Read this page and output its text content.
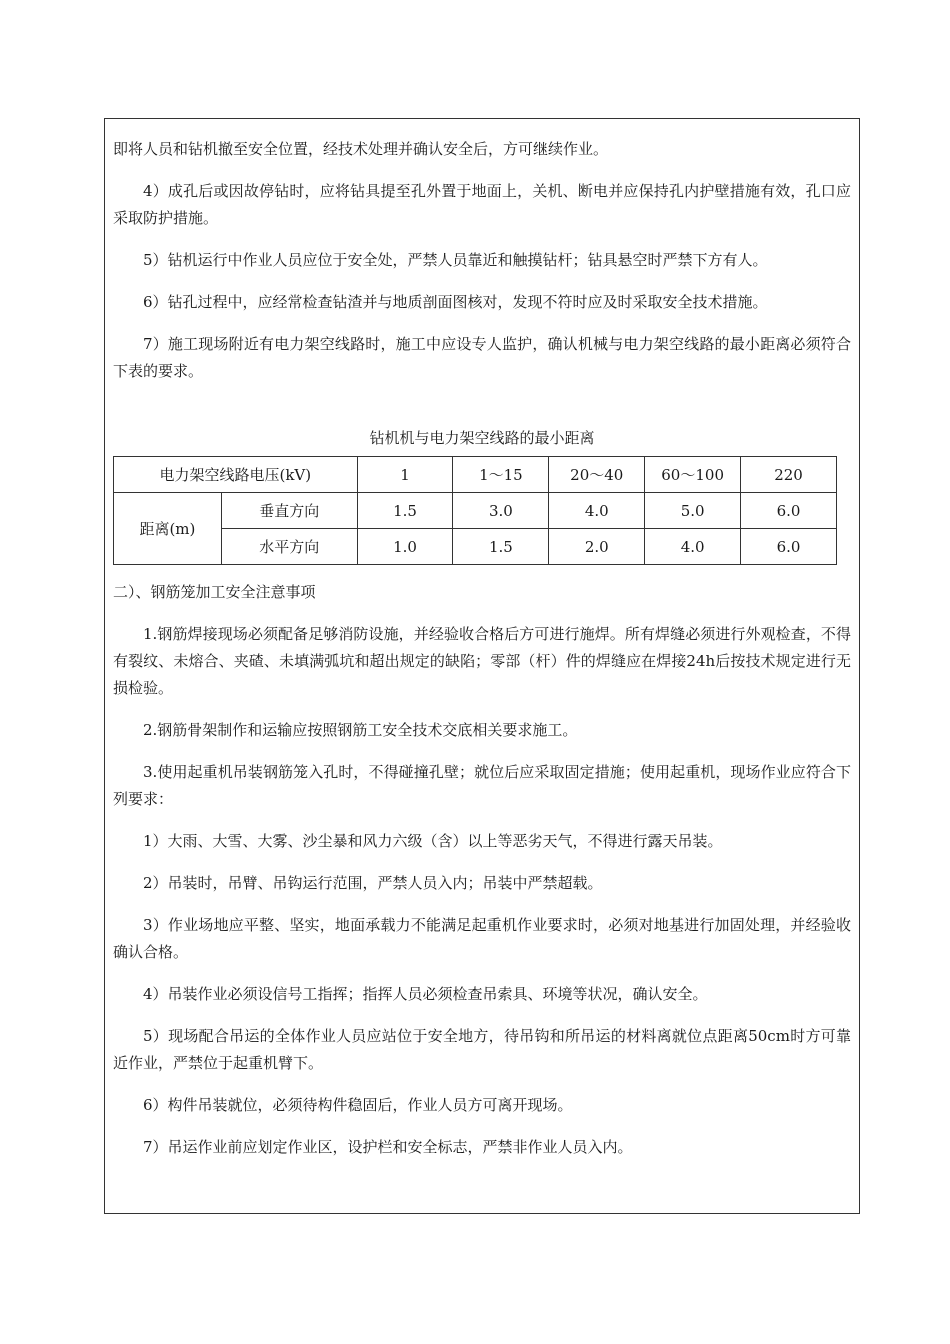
即将人员和钻机撤至安全位置，经技术处理并确认安全后，方可继续作业。

4）成孔后或因故停钻时，应将钻具提至孔外置于地面上，关机、断电并应保持孔内护壁措施有效，孔口应采取防护措施。

5）钻机运行中作业人员应位于安全处，严禁人员靠近和触摸钻杆；钻具悬空时严禁下方有人。

6）钻孔过程中，应经常检查钻渣并与地质剖面图核对，发现不符时应及时采取安全技术措施。

7）施工现场附近有电力架空线路时，施工中应设专人监护，确认机械与电力架空线路的最小距离必须符合下表的要求。

钻机机与电力架空线路的最小距离

电力架空线路电压(kV)		1	1～15	20～40	60～100	220
距离(m)	垂直方向	1.5	3.0	4.0	5.0	6.0
	水平方向	1.0	1.5	2.0	4.0	6.0

二）、钢筋笼加工安全注意事项

1.钢筋焊接现场必须配备足够消防设施，并经验收合格后方可进行施焊。所有焊缝必须进行外观检查，不得有裂纹、未熔合、夹碴、未填满弧坑和超出规定的缺陷；零部（杆）件的焊缝应在焊接24h后按技术规定进行无损检验。

2.钢筋骨架制作和运输应按照钢筋工安全技术交底相关要求施工。

3.使用起重机吊装钢筋笼入孔时，不得碰撞孔壁；就位后应采取固定措施；使用起重机，现场作业应符合下列要求：

1）大雨、大雪、大雾、沙尘暴和风力六级（含）以上等恶劣天气，不得进行露天吊装。

2）吊装时，吊臂、吊钩运行范围，严禁人员入内；吊装中严禁超载。

3）作业场地应平整、坚实，地面承载力不能满足起重机作业要求时，必须对地基进行加固处理，并经验收确认合格。

4）吊装作业必须设信号工指挥；指挥人员必须检查吊索具、环境等状况，确认安全。

5）现场配合吊运的全体作业人员应站位于安全地方，待吊钩和所吊运的材料离就位点距离50cm时方可靠近作业，严禁位于起重机臂下。

6）构件吊装就位，必须待构件稳固后，作业人员方可离开现场。

7）吊运作业前应划定作业区，设护栏和安全标志，严禁非作业人员入内。
